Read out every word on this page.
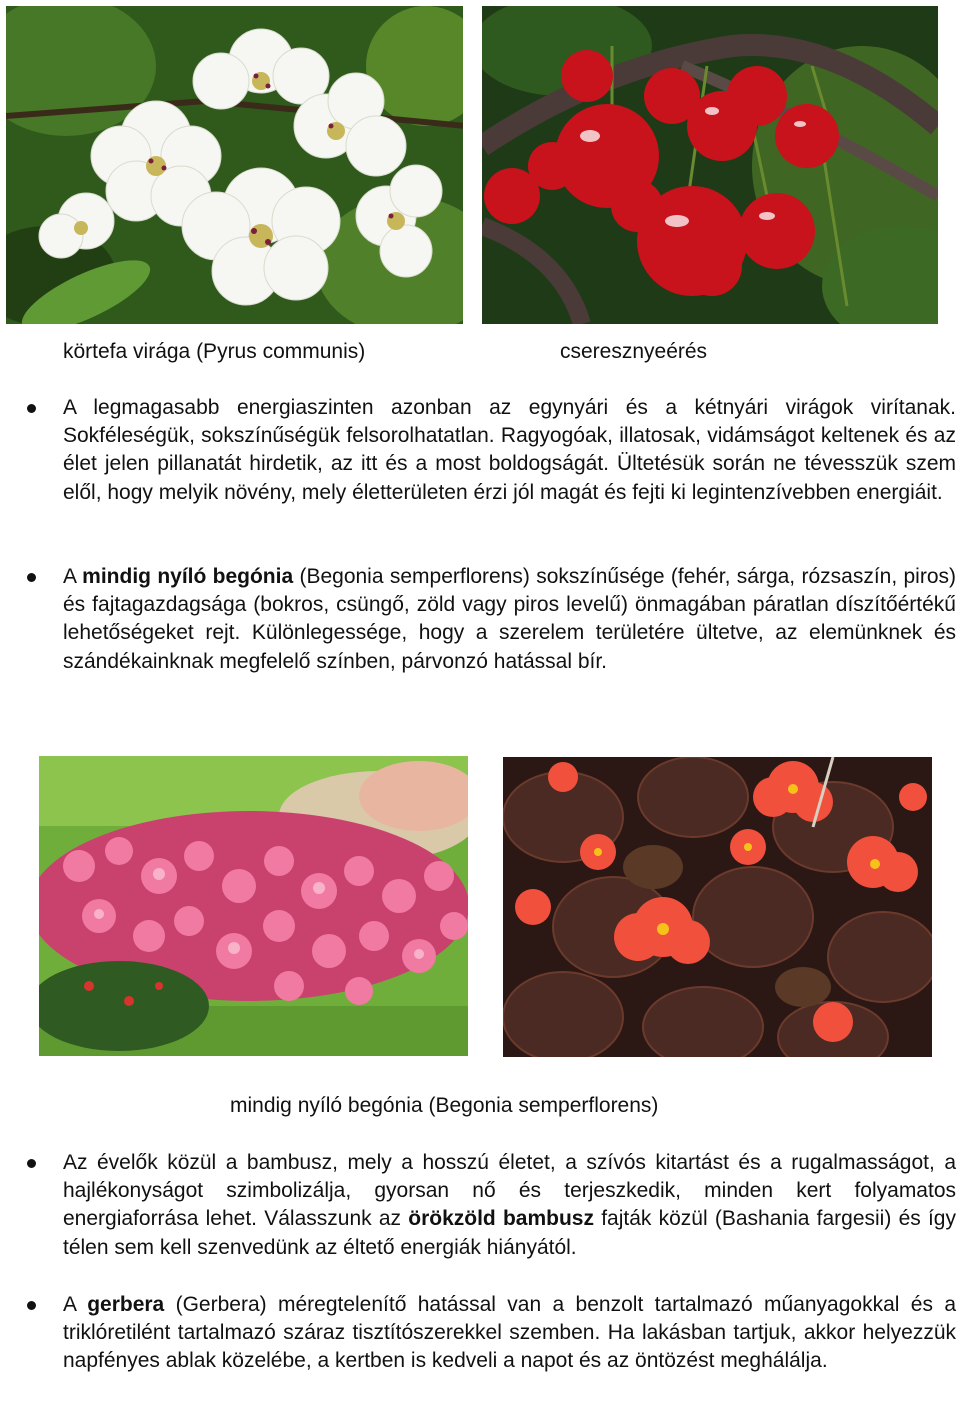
körtefa virága (Pyrus communis)	cseresznyeérés
A legmagasabb energiaszinten azonban az egynyári és a kétnyári virágok virítanak. Sokféleségük, sokszínűségük felsorolhatatlan. Ragyogóak, illatosak, vidámságot keltenek és az élet jelen pillanatát hirdetik, az itt és a most boldogságát. Ültetésük során ne tévesszük szem elől, hogy melyik növény, mely életterületen érzi jól magát és fejti ki legintenzívebben energiáit.
A mindig nyíló begónia (Begonia semperflorens) sokszínűsége (fehér, sárga, rózsaszín, piros) és fajtagazdagsága (bokros, csüngő, zöld vagy piros levelű) önmagában páratlan díszítőértékű lehetőségeket rejt. Különlegessége, hogy a szerelem területére ültetve, az elemünknek és szándékainknak megfelelő színben, párvonzó hatással bír.
mindig nyíló begónia (Begonia semperflorens)
Az évelők közül a bambusz, mely a hosszú életet, a szívós kitartást és a rugalmasságot, a hajlékonyságot szimbolizálja, gyorsan nő és terjeszkedik, minden kert folyamatos energiaforrása lehet. Válasszunk az örökzöld bambusz fajták közül (Bashania fargesii) és így télen sem kell szenvedünk az éltető energiák hiányától.
A gerbera (Gerbera) méregtelenítő hatással van a benzolt tartalmazó műanyagokkal és a triklóretilént tartalmazó száraz tisztítószerekkel szemben. Ha lakásban tartjuk, akkor helyezzük napfényes ablak közelébe, a kertben is kedveli a napot és az öntözést meghálálja.
